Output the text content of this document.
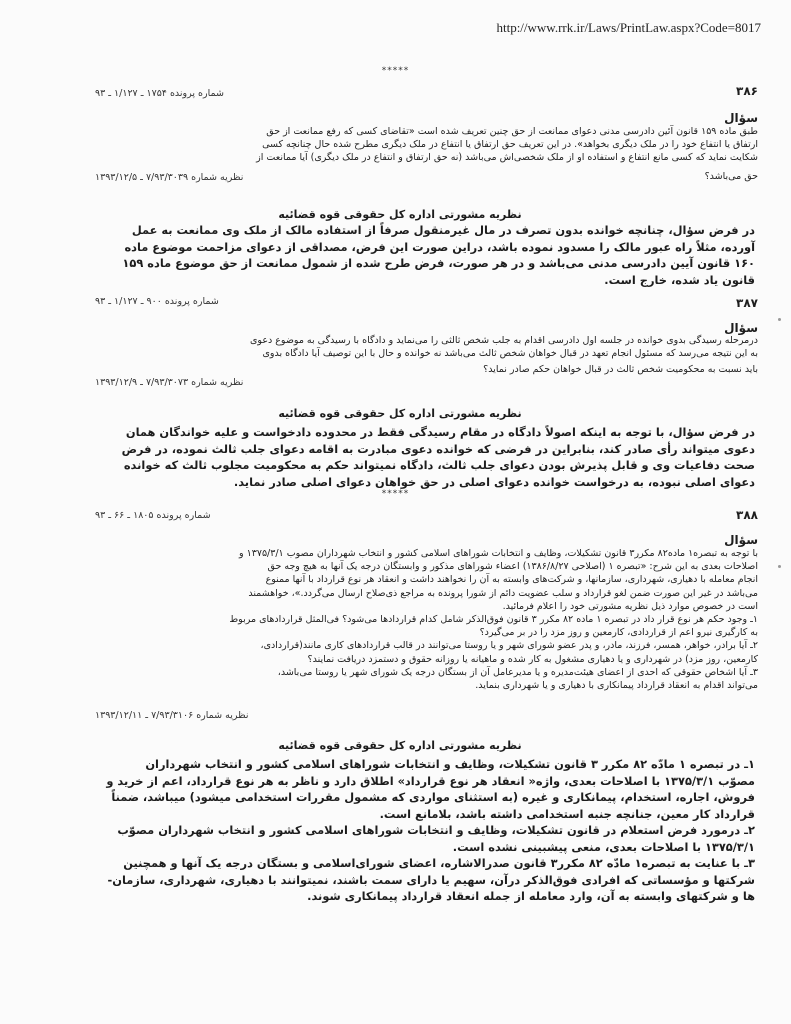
http://www.rrk.ir/Laws/PrintLaw.aspx?Code=8017
*****
۳۸۶
شماره پرونده ۱۷۵۴ ـ ۱/۱۲۷ ـ ۹۳
سؤال
طبق ماده ۱۵۹ قانون آئین دادرسی مدنی دعوای ممانعت از حق چنین تعریف شده است «تقاضای کسی که رفع ممانعت از حق
ارتفاق یا انتفاع خود را در ملک دیگری بخواهد». در این تعریف حق ارتفاق یا انتفاع در ملک دیگری مطرح شده حال چنانچه کسی
شکایت نماید که کسی مانع انتفاع و استفاده او از ملک شخصی‌اش می‌باشد (نه حق ارتفاق و انتفاع در ملک دیگری) آیا ممانعت از
حق می‌باشد؟
نظریه شماره ۷/۹۳/۳۰۳۹ ـ ۱۳۹۳/۱۲/۵
نظریه مشورتی اداره کل حقوقی قوه قضائیه
در فرض سؤال، چنانچه خوانده بدون تصرف در مال غیرمنقول صرفاً از استفاده مالک از ملک وی ممانعت به عمل
آورده، مثلاً راه عبور مالک را مسدود نموده باشد، دراین صورت این فرض، مصداقی از دعوای مزاحمت موضوع ماده
۱۶۰ قانون آیین دادرسی مدنی می‌باشد و در هر صورت، فرض طرح شده از شمول ممانعت از حق موضوع ماده ۱۵۹
قانون یاد شده، خارج است.
شماره پرونده ۹۰۰ ـ ۱/۱۲۷ ـ ۹۳	۳۸۷
سؤال
درمرحله رسیدگی بدوی خوانده در جلسه اول دادرسی اقدام به جلب شخص ثالثی را می‌نماید و دادگاه با رسیدگی به موضوع دعوی
به این نتیجه می‌رسد که مسئول انجام تعهد در قبال خواهان شخص ثالث می‌باشد نه خوانده و حال با این توصیف آیا دادگاه بدوی
باید نسبت به محکومیت شخص ثالث در قبال خواهان حکم صادر نماید؟
نظریه شماره ۷/۹۳/۳۰۷۳ ـ ۱۳۹۳/۱۲/۹
نظریه مشورتی اداره کل حقوقی قوه قضائیه
در فرض سؤال، با توجه به اینکه اصولاً دادگاه در مقام رسیدگی فقط در محدوده دادخواست و علیه خواندگان همان
دعوی میتواند رأی صادر کند، بنابراین در فرضی که خوانده دعوی مبادرت به اقامه دعوای جلب ثالث نموده، در فرض
صحت دفاعیات وی و قابل پذیرش بودن دعوای جلب ثالث، دادگاه نمیتواند حکم به محکومیت مجلوب ثالث که خوانده
دعوای اصلی نبوده، به درخواست خوانده دعوای اصلی در حق خواهان دعوای اصلی صادر نماید.
*****
شماره پرونده ۱۸۰۵ ـ ۶۶ ـ ۹۳	۳۸۸
سؤال
با توجه به تبصره۱ ماده۸۲ مکرر۳ قانون تشکیلات، وظایف و انتخابات شوراهای اسلامی کشور و انتخاب شهرداران مصوب ۱۳۷۵/۳/۱ و
اصلاحات بعدی به این شرح: «تبصره ۱ (اصلاحی ۱۳۸۶/۸/۲۷) اعضاء شوراهای مذکور و وابستگان درجه یک آنها به هیچ وجه حق
انجام معامله با دهیاری، شهرداری، سازمانها، و شرکت‌های وابسته به آن را نخواهند داشت و انعقاد هر نوع قرارداد با آنها ممنوع
می‌باشد در غیر این صورت ضمن لغو قرارداد و سلب عضویت دائم از شورا پرونده به مراجع ذی‌صلاح ارسال می‌گردد.»، خواهشمند
است در خصوص موارد ذیل نظریه مشورتی خود را اعلام فرمائید.
۱ـ وجود حکم هر نوع قرار داد در تبصره ۱ ماده ۸۲ مکرر ۳ قانون فوق‌الذکر شامل کدام قراردادها می‌شود؟ فی‌المثل قراردادهای مربوط
به کارگیری نیرو اعم از قراردادی، کارمعین و روز مزد را در بر می‌گیرد؟
۲ـ آیا برادر، خواهر، همسر، فرزند، مادر، و پدر عضو شورای شهر و یا روستا می‌توانند در قالب قراردادهای کاری مانند(قراردادی،
کارمعین، روز مزد) در شهرداری و یا دهیاری مشغول به کار شده و ماهیانه یا روزانه حقوق و دستمزد دریافت نمایند؟
۳ـ آیا اشخاص حقوقی که احدی از اعضای هیئت‌مدیره و یا مدیرعامل آن از بستگان درجه یک شورای شهر یا روستا می‌باشد،
می‌تواند اقدام به انعقاد قرارداد پیمانکاری با دهیاری و یا شهرداری بنماید.
نظریه شماره ۷/۹۳/۳۱۰۶ ـ ۱۳۹۳/۱۲/۱۱
نظریه مشورتی اداره کل حقوقی قوه قضائیه
۱ـ در تبصره ۱ مادّه ۸۲ مکرر ۳ قانون تشکیلات، وظایف و انتخابات شوراهای اسلامی کشور و انتخاب شهرداران
مصوّب ۱۳۷۵/۳/۱ با اصلاحات بعدی، واژه« انعقاد هر نوع قرارداد» اطلاق دارد و ناظر به هر نوع قرارداد، اعم از خرید و
فروش، اجاره، استخدام، پیمانکاری و غیره (به استثنای مواردی که مشمول مقررات استخدامی میشود) میباشد، ضمناً
قرارداد کار معین، جنانچه جنبه استخدامی داشته باشد، بلامانع است.
۲ـ درمورد فرض استعلام در قانون تشکیلات، وظایف و انتخابات شوراهای اسلامی کشور و انتخاب شهرداران مصوّب
۱۳۷۵/۳/۱ با اصلاحات بعدی، منعی پیشبینی نشده است.
۳ـ با عنایت به تبصره۱ مادّه ۸۲ مکرر۳ قانون صدرالاشاره، اعضای شورای‌اسلامی و بستگان درجه یک آنها و همچنین
شرکتها و مؤسساتی که افرادی فوق‌الذکر در‌آن، سهیم یا دارای سمت باشند، نمیتوانند با دهیاری، شهرداری، سازمان-
ها و شرکتهای وابسته به آن، وارد معامله از جمله انعقاد قرارداد پیمانکاری شوند.
